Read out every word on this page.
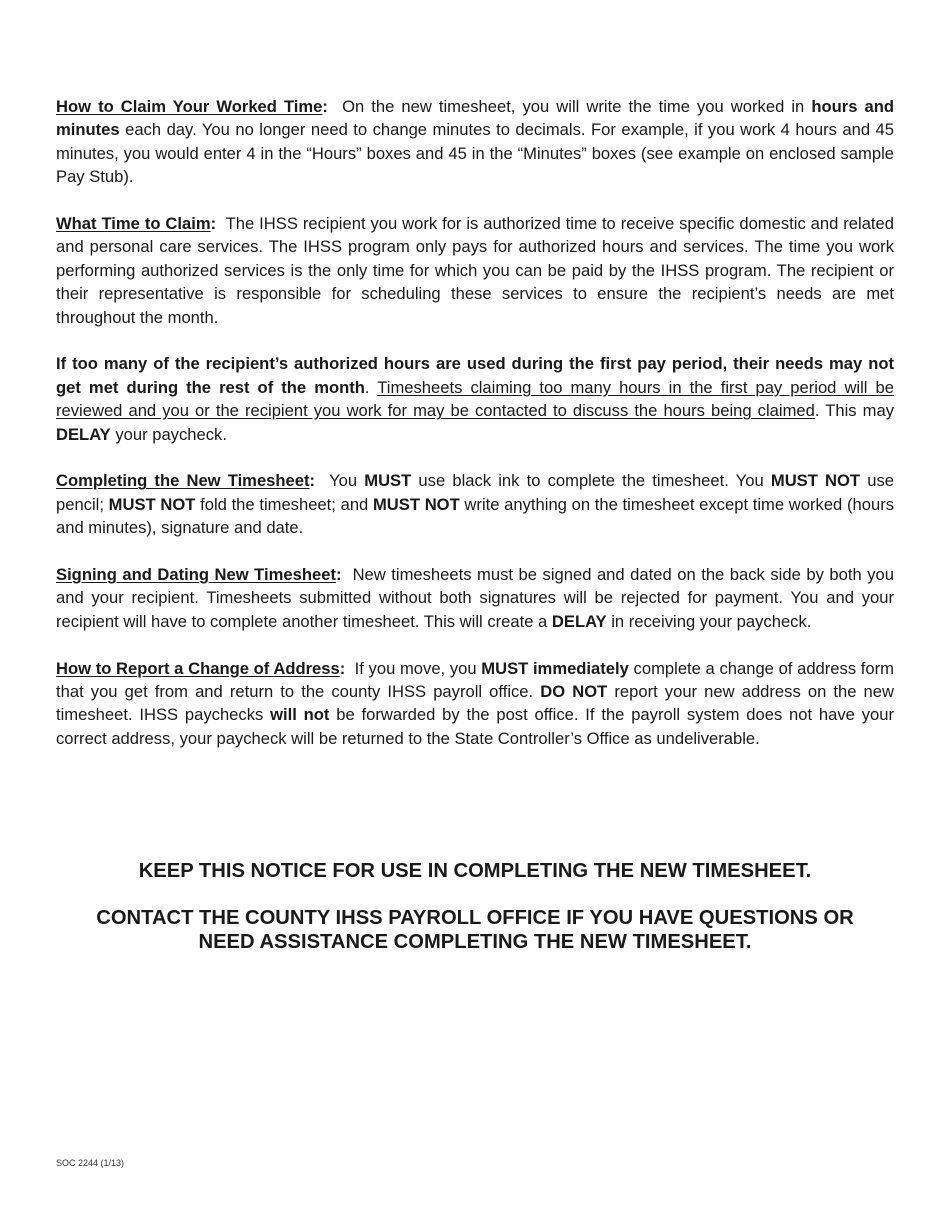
How to Claim Your Worked Time: On the new timesheet, you will write the time you worked in hours and minutes each day. You no longer need to change minutes to decimals. For example, if you work 4 hours and 45 minutes, you would enter 4 in the “Hours” boxes and 45 in the “Minutes” boxes (see example on enclosed sample Pay Stub).

What Time to Claim: The IHSS recipient you work for is authorized time to receive specific domestic and related and personal care services. The IHSS program only pays for authorized hours and services. The time you work performing authorized services is the only time for which you can be paid by the IHSS program. The recipient or their representative is responsible for scheduling these services to ensure the recipient’s needs are met throughout the month.

If too many of the recipient’s authorized hours are used during the first pay period, their needs may not get met during the rest of the month. Timesheets claiming too many hours in the first pay period will be reviewed and you or the recipient you work for may be contacted to discuss the hours being claimed. This may DELAY your paycheck.

Completing the New Timesheet: You MUST use black ink to complete the timesheet. You MUST NOT use pencil; MUST NOT fold the timesheet; and MUST NOT write anything on the timesheet except time worked (hours and minutes), signature and date.

Signing and Dating New Timesheet: New timesheets must be signed and dated on the back side by both you and your recipient. Timesheets submitted without both signatures will be rejected for payment. You and your recipient will have to complete another timesheet. This will create a DELAY in receiving your paycheck.

How to Report a Change of Address: If you move, you MUST immediately complete a change of address form that you get from and return to the county IHSS payroll office. DO NOT report your new address on the new timesheet. IHSS paychecks will not be forwarded by the post office. If the payroll system does not have your correct address, your paycheck will be returned to the State Controller’s Office as undeliverable.

KEEP THIS NOTICE FOR USE IN COMPLETING THE NEW TIMESHEET.

CONTACT THE COUNTY IHSS PAYROLL OFFICE IF YOU HAVE QUESTIONS OR
NEED ASSISTANCE COMPLETING THE NEW TIMESHEET.

SOC 2244 (1/13)
